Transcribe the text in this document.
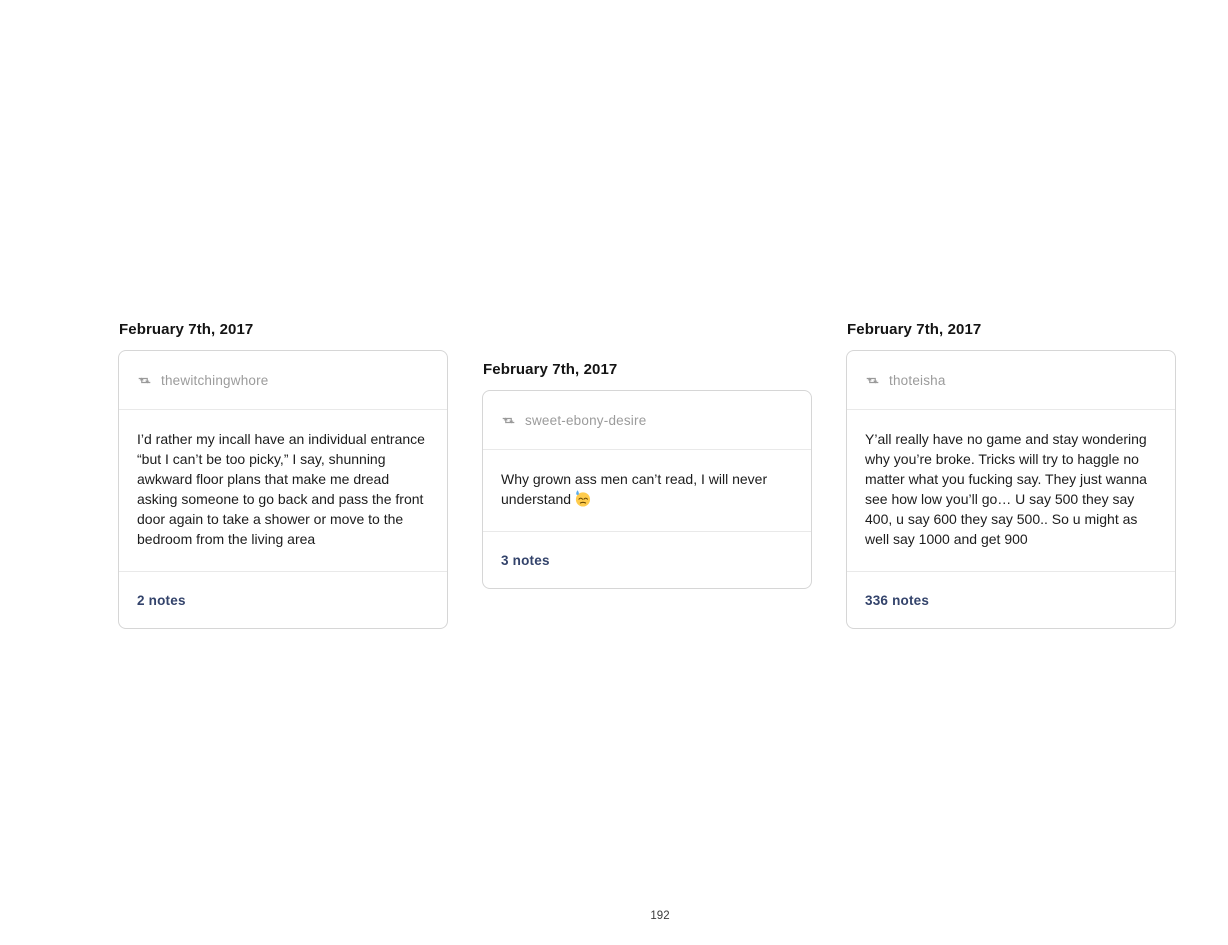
February 7th, 2017
thewitchingwhore

I’d rather my incall have an individual entrance “but I can’t be too picky,” I say, shunning awkward floor plans that make me dread asking someone to go back and pass the front door again to take a shower or move to the bedroom from the living area

2 notes
February 7th, 2017
sweet-ebony-desire

Why grown ass men can’t read, I will never understand

3 notes
February 7th, 2017
thoteisha

Y’all really have no game and stay wondering why you’re broke. Tricks will try to haggle no matter what you fucking say. They just wanna see how low you’ll go… U say 500 they say 400, u say 600 they say 500.. So u might as well say 1000 and get 900

336 notes
192
